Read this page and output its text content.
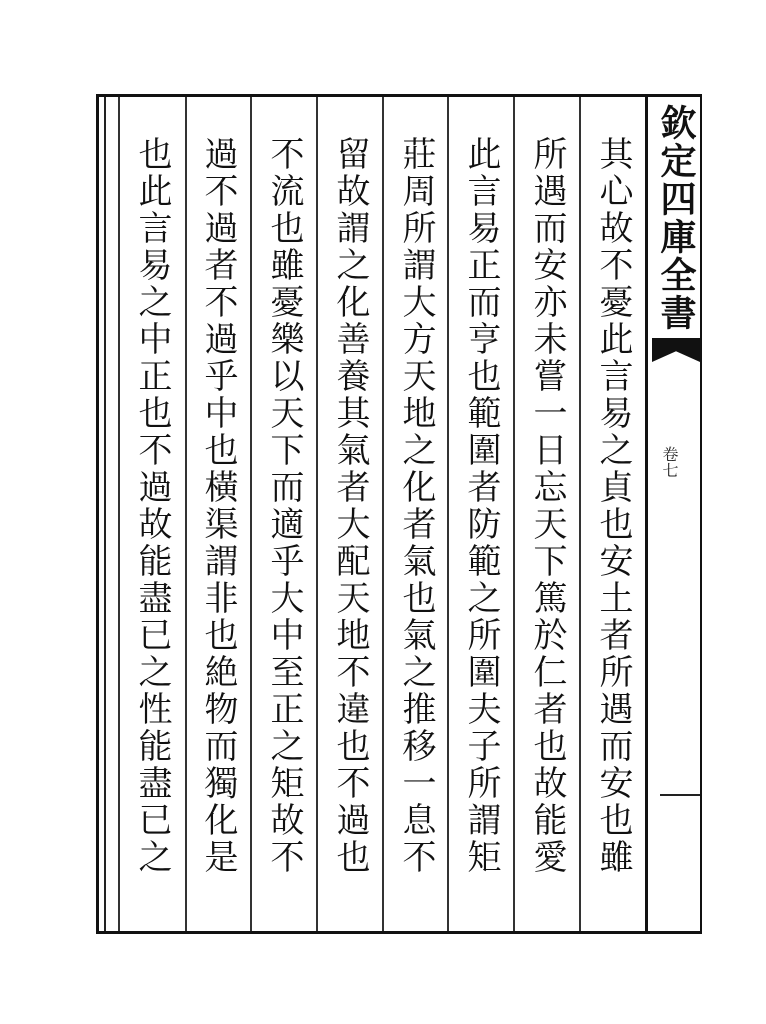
欽定四庫全書
卷七
其心故不憂此言易之貞也安土者所遇而安也雖
所遇而安亦未嘗一日忘天下篤於仁者也故能愛
此言易正而亨也範圍者防範之所圍夫子所謂矩
莊周所謂大方天地之化者氣也氣之推移一息不
留故謂之化善養其氣者大配天地不違也不過也
不流也雖憂樂以天下而適乎大中至正之矩故不
過不過者不過乎中也橫渠謂非也絶物而獨化是
也此言易之中正也不過故能盡已之性能盡已之
